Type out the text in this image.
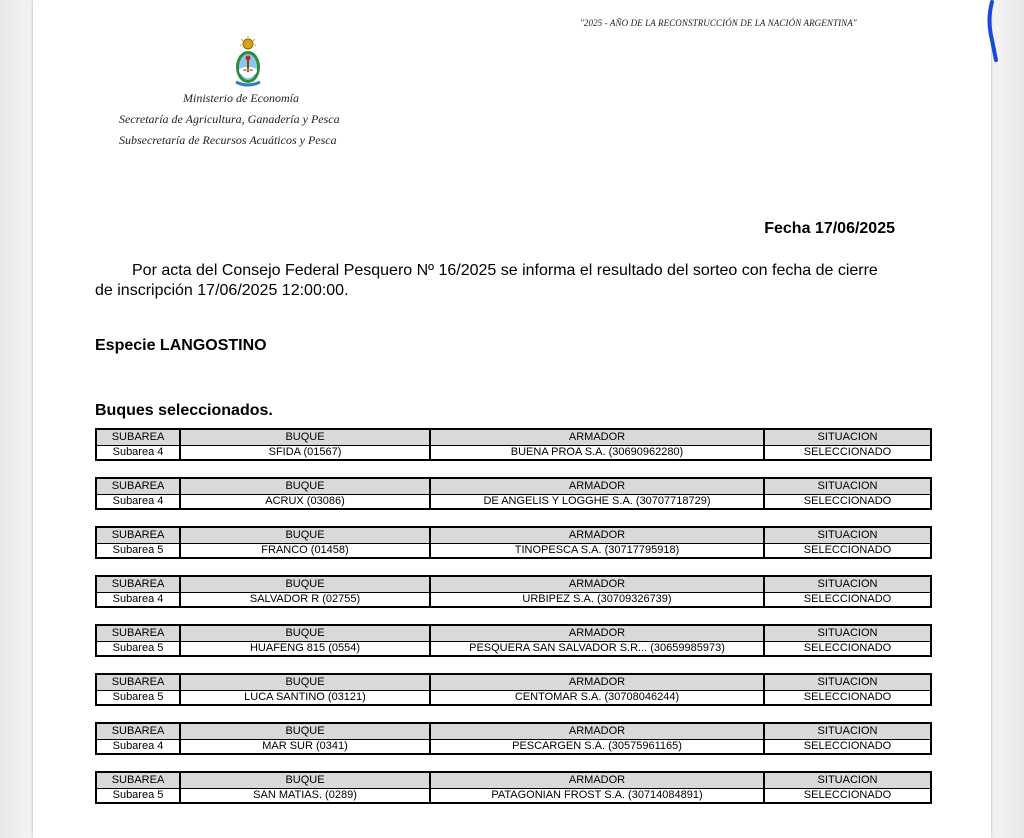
"2025 - AÑO DE LA RECONSTRUCCIÓN DE LA NACIÓN ARGENTINA"
Ministerio de Economía
Secretaría de Agricultura, Ganadería y Pesca
Subsecretaría de Recursos Acuáticos y Pesca
Fecha 17/06/2025
Por acta del Consejo Federal Pesquero Nº 16/2025 se informa el resultado del sorteo con fecha de cierre de inscripción 17/06/2025 12:00:00.
Especie LANGOSTINO
Buques seleccionados.
SUBAREA	BUQUE	ARMADOR	SITUACION
Subarea 4	SFIDA (01567)	BUENA PROA S.A. (30690962280)	SELECCIONADO
SUBAREA	BUQUE	ARMADOR	SITUACION
Subarea 4	ACRUX (03086)	DE ANGELIS Y LOGGHE S.A. (30707718729)	SELECCIONADO
SUBAREA	BUQUE	ARMADOR	SITUACION
Subarea 5	FRANCO (01458)	TINOPESCA S.A. (30717795918)	SELECCIONADO
SUBAREA	BUQUE	ARMADOR	SITUACION
Subarea 4	SALVADOR R (02755)	URBIPEZ S.A. (30709326739)	SELECCIONADO
SUBAREA	BUQUE	ARMADOR	SITUACION
Subarea 5	HUAFENG 815 (0554)	PESQUERA SAN SALVADOR S.R... (30659985973)	SELECCIONADO
SUBAREA	BUQUE	ARMADOR	SITUACION
Subarea 5	LUCA SANTINO (03121)	CENTOMAR S.A. (30708046244)	SELECCIONADO
SUBAREA	BUQUE	ARMADOR	SITUACION
Subarea 4	MAR SUR (0341)	PESCARGEN S.A. (30575961165)	SELECCIONADO
SUBAREA	BUQUE	ARMADOR	SITUACION
Subarea 5	SAN MATIAS. (0289)	PATAGONIAN FROST S.A. (30714084891)	SELECCIONADO
